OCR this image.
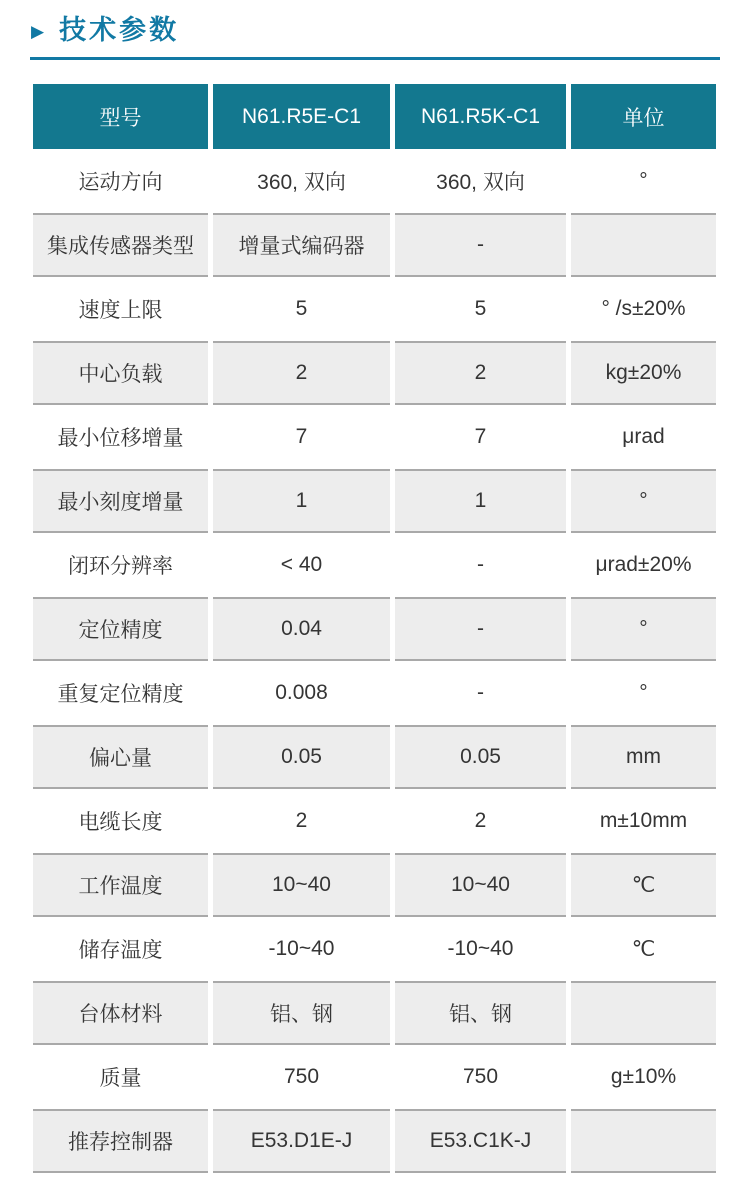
▶ 技术参数
型号	N61.R5E-C1	N61.R5K-C1	单位
运动方向	360, 双向	360, 双向	°
集成传感器类型	增量式编码器	-	
速度上限	5	5	° /s±20%
中心负载	2	2	kg±20%
最小位移增量	7	7	μrad
最小刻度增量	1	1	°
闭环分辨率	< 40	-	μrad±20%
定位精度	0.04	-	°
重复定位精度	0.008	-	°
偏心量	0.05	0.05	mm
电缆长度	2	2	m±10mm
工作温度	10~40	10~40	℃
储存温度	-10~40	-10~40	℃
台体材料	铝、钢	铝、钢	
质量	750	750	g±10%
推荐控制器	E53.D1E-J	E53.C1K-J	
